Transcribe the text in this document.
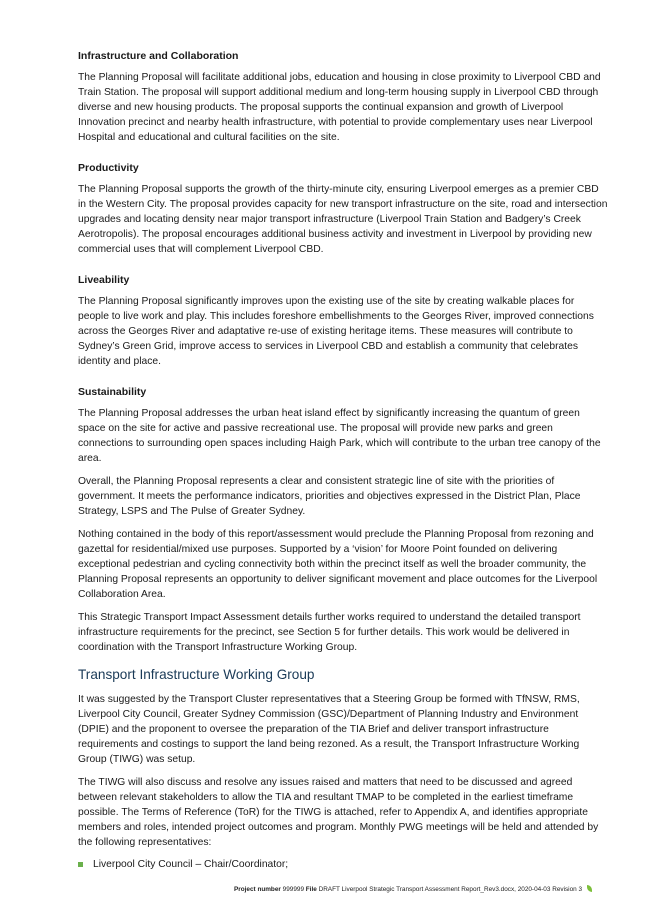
Infrastructure and Collaboration

The Planning Proposal will facilitate additional jobs, education and housing in close proximity to Liverpool CBD and Train Station. The proposal will support additional medium and long-term housing supply in Liverpool CBD through diverse and new housing products. The proposal supports the continual expansion and growth of Liverpool Innovation precinct and nearby health infrastructure, with potential to provide complementary uses near Liverpool Hospital and educational and cultural facilities on the site.

Productivity

The Planning Proposal supports the growth of the thirty-minute city, ensuring Liverpool emerges as a premier CBD in the Western City. The proposal provides capacity for new transport infrastructure on the site, road and intersection upgrades and locating density near major transport infrastructure (Liverpool Train Station and Badgery’s Creek Aerotropolis). The proposal encourages additional business activity and investment in Liverpool by providing new commercial uses that will complement Liverpool CBD.

Liveability

The Planning Proposal significantly improves upon the existing use of the site by creating walkable places for people to live work and play. This includes foreshore embellishments to the Georges River, improved connections across the Georges River and adaptative re-use of existing heritage items. These measures will contribute to Sydney’s Green Grid, improve access to services in Liverpool CBD and establish a community that celebrates identity and place.

Sustainability

The Planning Proposal addresses the urban heat island effect by significantly increasing the quantum of green space on the site for active and passive recreational use. The proposal will provide new parks and green connections to surrounding open spaces including Haigh Park, which will contribute to the urban tree canopy of the area.

Overall, the Planning Proposal represents a clear and consistent strategic line of site with the priorities of government. It meets the performance indicators, priorities and objectives expressed in the District Plan, Place Strategy, LSPS and The Pulse of Greater Sydney.

Nothing contained in the body of this report/assessment would preclude the Planning Proposal from rezoning and gazettal for residential/mixed use purposes. Supported by a ‘vision’ for Moore Point founded on delivering exceptional pedestrian and cycling connectivity both within the precinct itself as well the broader community, the Planning Proposal represents an opportunity to deliver significant movement and place outcomes for the Liverpool Collaboration Area.

This Strategic Transport Impact Assessment details further works required to understand the detailed transport infrastructure requirements for the precinct, see Section 5 for further details. This work would be delivered in coordination with the Transport Infrastructure Working Group.

Transport Infrastructure Working Group

It was suggested by the Transport Cluster representatives that a Steering Group be formed with TfNSW, RMS, Liverpool City Council, Greater Sydney Commission (GSC)/Department of Planning Industry and Environment (DPIE) and the proponent to oversee the preparation of the TIA Brief and deliver transport infrastructure requirements and costings to support the land being rezoned. As a result, the Transport Infrastructure Working Group (TIWG) was setup.

The TIWG will also discuss and resolve any issues raised and matters that need to be discussed and agreed between relevant stakeholders to allow the TIA and resultant TMAP to be completed in the earliest timeframe possible. The Terms of Reference (ToR) for the TIWG is attached, refer to Appendix A, and identifies appropriate members and roles, intended project outcomes and program. Monthly PWG meetings will be held and attended by the following representatives:

Liverpool City Council – Chair/Coordinator;
Project number 999999 File DRAFT Liverpool Strategic Transport Assessment Report_Rev3.docx, 2020-04-03 Revision 3
